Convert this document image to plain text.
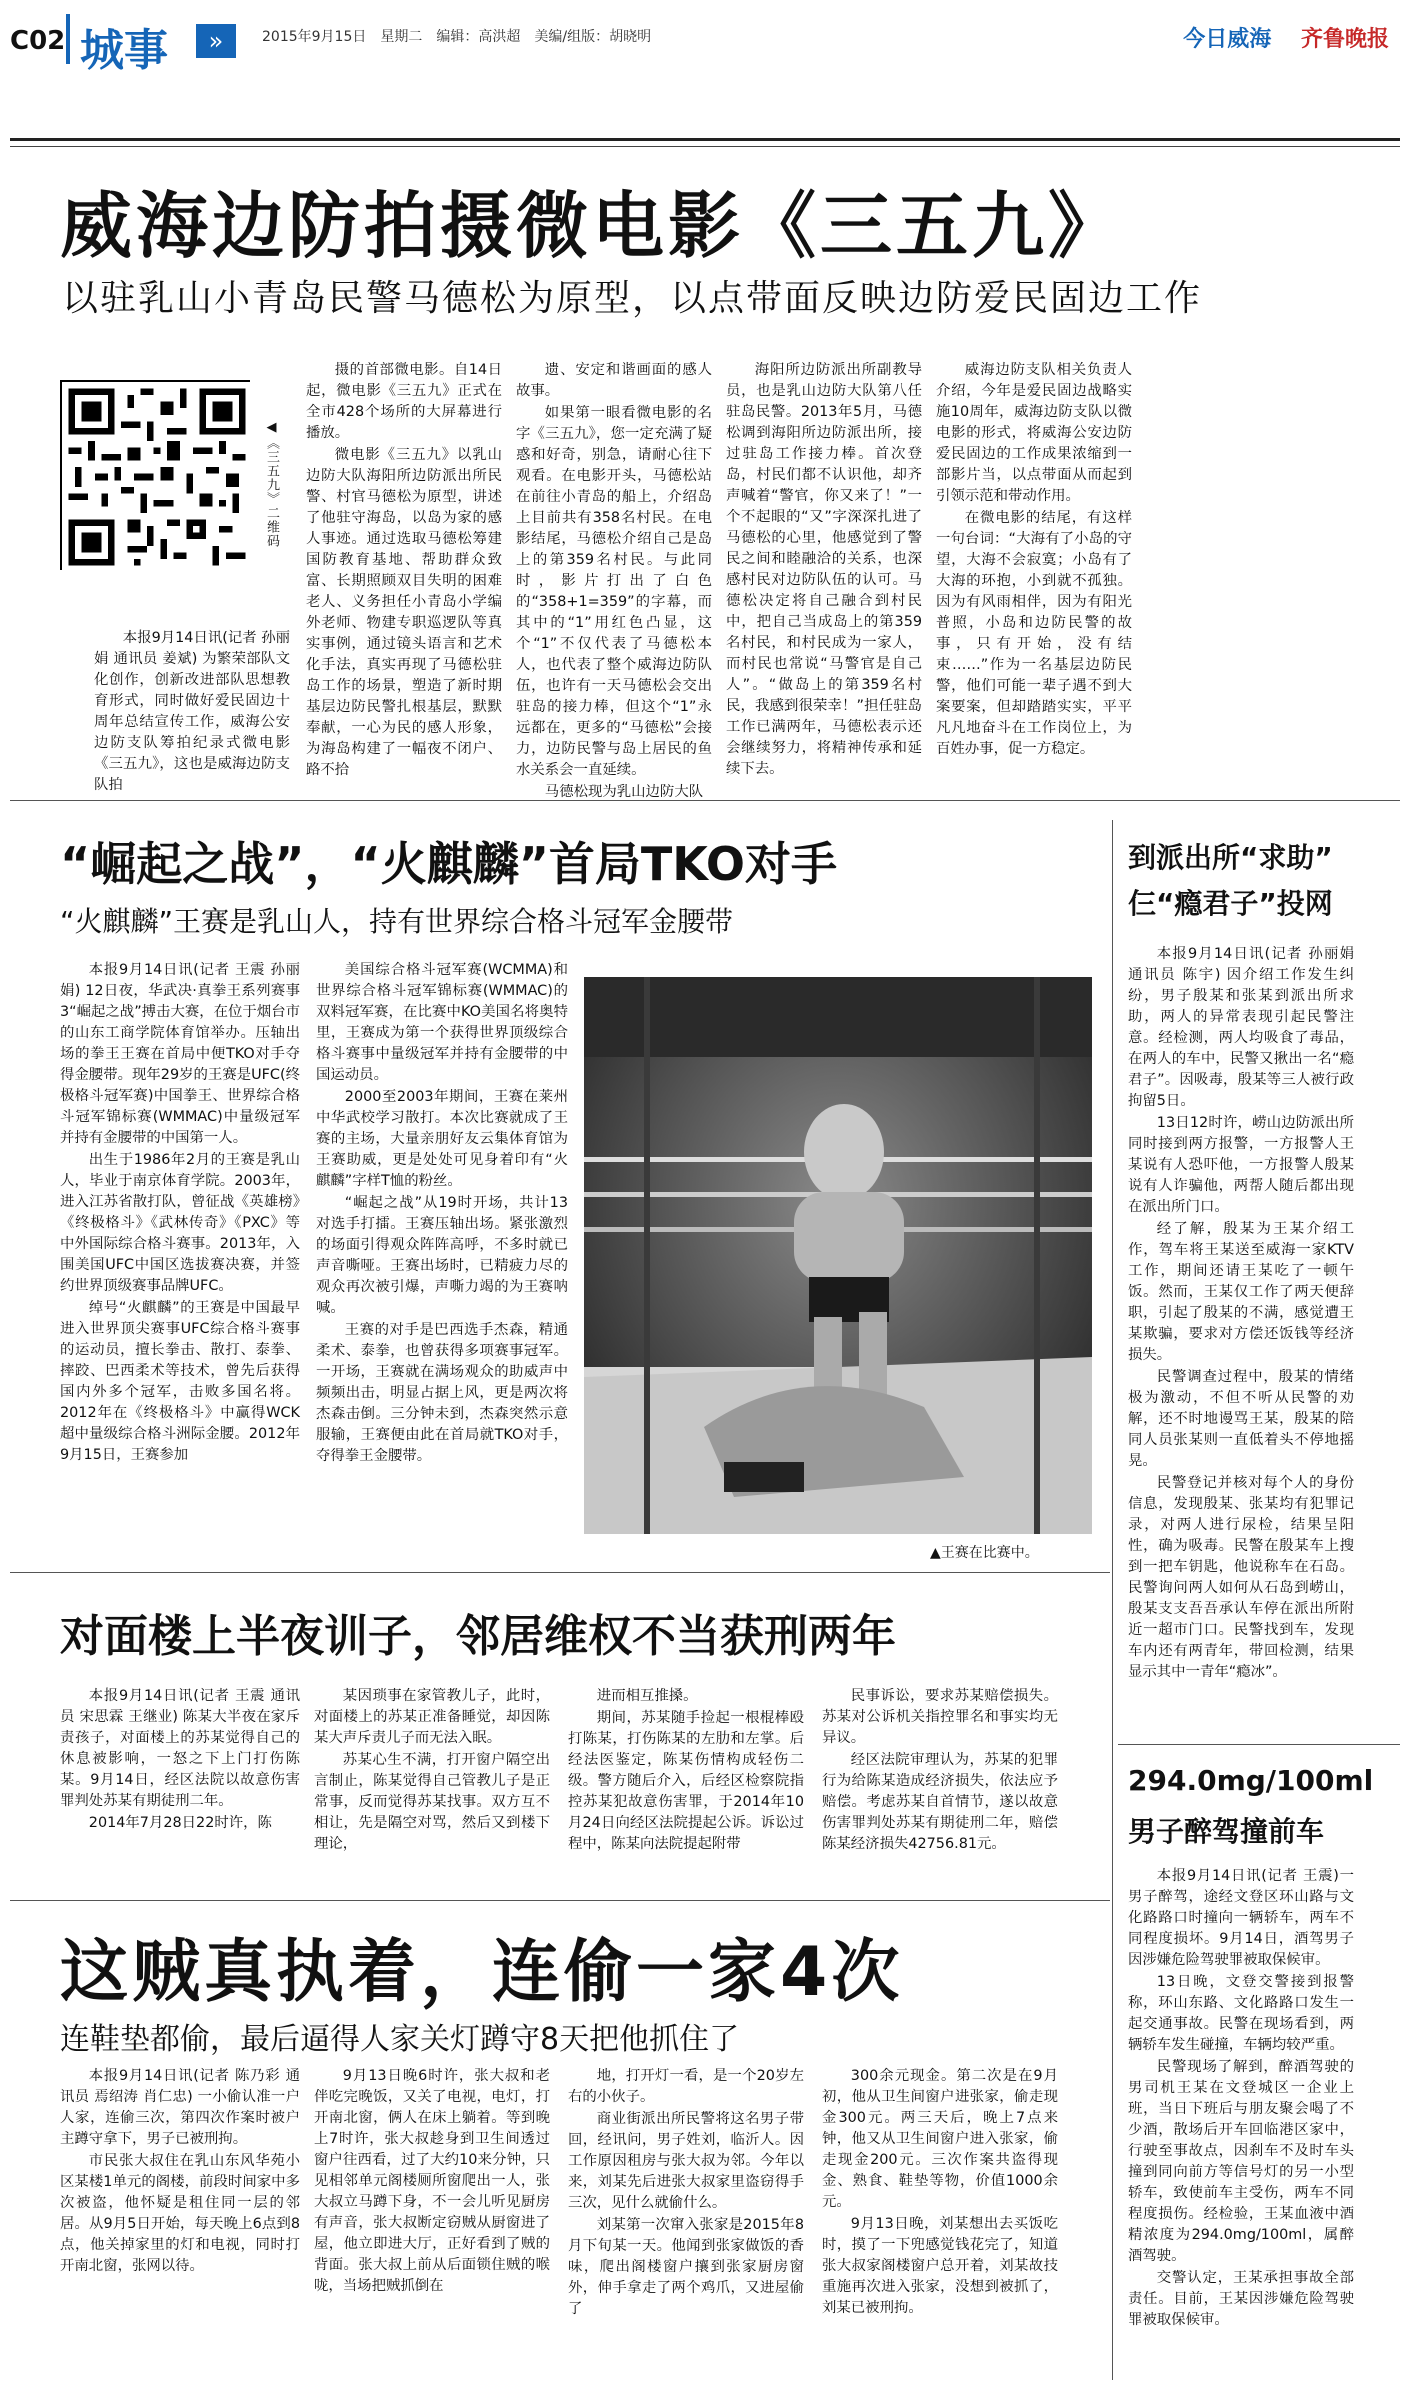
C02 城事	»	2015年9月15日　星期二　编辑：高洪超　美编/组版：胡晓明	今日威海　 齐鲁晚报
威海边防拍摄微电影《三五九》
以驻乳山小青岛民警马德松为原型，以点带面反映边防爱民固边工作
◀《三五九》二维码

本报9月14日讯(记者 孙丽娟 通讯员 姜斌) 为繁荣部队文化创作，创新改进部队思想教育形式，同时做好爱民固边十周年总结宣传工作，威海公安边防支队筹拍纪录式微电影《三五九》，这也是威海边防支队拍

摄的首部微电影。自14日起，微电影《三五九》正式在全市428个场所的大屏幕进行播放。

微电影《三五九》以乳山边防大队海阳所边防派出所民警、村官马德松为原型，讲述了他驻守海岛，以岛为家的感人事迹。通过选取马德松筹建国防教育基地、帮助群众致富、长期照顾双目失明的困难老人、义务担任小青岛小学编外老师、物建专职巡逻队等真实事例，通过镜头语言和艺术化手法，真实再现了马德松驻岛工作的场景，塑造了新时期基层边防民警扎根基层，默默奉献，一心为民的感人形象，为海岛构建了一幅夜不闭户、路不拾

遗、安定和谐画面的感人故事。

如果第一眼看微电影的名字《三五九》，您一定充满了疑惑和好奇，别急，请耐心往下观看。在电影开头，马德松站在前往小青岛的船上，介绍岛上目前共有358名村民。在电影结尾，马德松介绍自己是岛上的第359名村民。与此同时，影片打出了白色的“358+1=359”的字幕，而其中的“1”用红色凸显，这个“1”不仅代表了马德松本人，也代表了整个威海边防队伍，也许有一天马德松会交出驻岛的接力棒，但这个“1”永远都在，更多的“马德松”会接力，边防民警与岛上居民的鱼水关系会一直延续。

马德松现为乳山边防大队

海阳所边防派出所副教导员，也是乳山边防大队第八任驻岛民警。2013年5月，马德松调到海阳所边防派出所，接过驻岛工作接力棒。首次登岛，村民们都不认识他，却齐声喊着“警官，你又来了！”一个不起眼的“又”字深深扎进了马德松的心里，他感觉到了警民之间和睦融洽的关系，也深感村民对边防队伍的认可。马德松决定将自己融合到村民中，把自己当成岛上的第359名村民，和村民成为一家人，而村民也常说“马警官是自己人”。“做岛上的第359名村民，我感到很荣幸！”担任驻岛工作已满两年，马德松表示还会继续努力，将精神传承和延续下去。

威海边防支队相关负责人介绍，今年是爱民固边战略实施10周年，威海边防支队以微电影的形式，将威海公安边防爱民固边的工作成果浓缩到一部影片当，以点带面从而起到引领示范和带动作用。

在微电影的结尾，有这样一句台词：“大海有了小岛的守望，大海不会寂寞；小岛有了大海的环抱，小到就不孤独。因为有风雨相伴，因为有阳光普照，小岛和边防民警的故事，只有开始，没有结束……”作为一名基层边防民警，他们可能一辈子遇不到大案要案，但却踏踏实实，平平凡凡地奋斗在工作岗位上，为百姓办事，促一方稳定。

“崛起之战”，“火麒麟”首局TKO对手
“火麒麟”王赛是乳山人，持有世界综合格斗冠军金腰带

本报9月14日讯(记者 王震 孙丽娟) 12日夜，华武决·真拳王系列赛事3“崛起之战”搏击大赛，在位于烟台市的山东工商学院体育馆举办。压轴出场的拳王王赛在首局中便TKO对手夺得金腰带。现年29岁的王赛是UFC(终极格斗冠军赛)中国拳王、世界综合格斗冠军锦标赛(WMMAC)中量级冠军并持有金腰带的中国第一人。

出生于1986年2月的王赛是乳山人，毕业于南京体育学院。2003年，进入江苏省散打队，曾征战《英雄榜》《终极格斗》《武林传奇》《PXC》等中外国际综合格斗赛事。2013年，入围美国UFC中国区选拔赛决赛，并签约世界顶级赛事品牌UFC。

绰号“火麒麟”的王赛是中国最早进入世界顶尖赛事UFC综合格斗赛事的运动员，擅长拳击、散打、泰拳、摔跤、巴西柔术等技术，曾先后获得国内外多个冠军，击败多国名将。2012年在《终极格斗》中赢得WCK超中量级综合格斗洲际金腰。2012年9月15日，王赛参加

美国综合格斗冠军赛(WCMMA)和世界综合格斗冠军锦标赛(WMMAC)的双料冠军赛，在比赛中KO美国名将奥特里，王赛成为第一个获得世界顶级综合格斗赛事中量级冠军并持有金腰带的中国运动员。

2000至2003年期间，王赛在莱州中华武校学习散打。本次比赛就成了王赛的主场，大量亲朋好友云集体育馆为王赛助威，更是处处可见身着印有“火麒麟”字样T恤的粉丝。

“崛起之战”从19时开场，共计13对选手打擂。王赛压轴出场。紧张激烈的场面引得观众阵阵高呼，不多时就已声音嘶哑。王赛出场时，已精疲力尽的观众再次被引爆，声嘶力竭的为王赛呐喊。

王赛的对手是巴西选手杰森，精通柔术、泰拳，也曾获得多项赛事冠军。一开场，王赛就在满场观众的助威声中频频出击，明显占据上风，更是两次将杰森击倒。三分钟未到，杰森突然示意服输，王赛便由此在首局就TKO对手，夺得拳王金腰带。

▲王赛在比赛中。
对面楼上半夜训子，邻居维权不当获刑两年

本报9月14日讯(记者 王震 通讯员 宋思霖 王继业) 陈某大半夜在家斥责孩子，对面楼上的苏某觉得自己的休息被影响，一怒之下上门打伤陈某。9月14日，经区法院以故意伤害罪判处苏某有期徒刑二年。

2014年7月28日22时许，陈

某因琐事在家管教儿子，此时，对面楼上的苏某正准备睡觉，却因陈某大声斥责儿子而无法入眠。

苏某心生不满，打开窗户隔空出言制止，陈某觉得自己管教儿子是正常事，反而觉得苏某找事。双方互不相让，先是隔空对骂，然后又到楼下理论，

进而相互推搡。

期间，苏某随手捡起一根棍棒殴打陈某，打伤陈某的左肋和左掌。后经法医鉴定，陈某伤情构成轻伤二级。警方随后介入，后经区检察院指控苏某犯故意伤害罪，于2014年10月24日向经区法院提起公诉。诉讼过程中，陈某向法院提起附带

民事诉讼，要求苏某赔偿损失。苏某对公诉机关指控罪名和事实均无异议。

经区法院审理认为，苏某的犯罪行为给陈某造成经济损失，依法应予赔偿。考虑苏某自首情节，遂以故意伤害罪判处苏某有期徒刑二年，赔偿陈某经济损失42756.81元。

这贼真执着，连偷一家4次
连鞋垫都偷，最后逼得人家关灯蹲守8天把他抓住了

本报9月14日讯(记者 陈乃彩 通讯员 焉绍涛 肖仁忠) 一小偷认准一户人家，连偷三次，第四次作案时被户主蹲守拿下，男子已被刑拘。

市民张大叔住在乳山东风华苑小区某楼1单元的阁楼，前段时间家中多次被盗，他怀疑是租住同一层的邻居。从9月5日开始，每天晚上6点到8点，他关掉家里的灯和电视，同时打开南北窗，张网以待。

9月13日晚6时许，张大叔和老伴吃完晚饭，又关了电视，电灯，打开南北窗，俩人在床上躺着。等到晚上7时许，张大叔趁身到卫生间透过窗户往西看，过了大约10来分钟，只见相邻单元阁楼厕所窗爬出一人，张大叔立马蹲下身，不一会儿听见厨房有声音，张大叔断定窃贼从厨窗进了屋，他立即进大厅，正好看到了贼的背面。张大叔上前从后面锁住贼的喉咙，当场把贼抓倒在

地，打开灯一看，是一个20岁左右的小伙子。

商业街派出所民警将这名男子带回，经讯问，男子姓刘，临沂人。因工作原因租房与张大叔为邻。今年以来，刘某先后进张大叔家里盗窃得手三次，见什么就偷什么。

刘某第一次窜入张家是2015年8月下旬某一天。他闻到张家做饭的香味，爬出阁楼窗户攘到张家厨房窗外，伸手拿走了两个鸡爪，又进屋偷了

300余元现金。第二次是在9月初，他从卫生间窗户进张家，偷走现金300元。两三天后，晚上7点来钟，他又从卫生间窗户进入张家，偷走现金200元。三次作案共盗得现金、熟食、鞋垫等物，价值1000余元。

9月13日晚，刘某想出去买饭吃时，摸了一下兜感觉钱花完了，知道张大叔家阁楼窗户总开着，刘某故技重施再次进入张家，没想到被抓了，刘某已被刑拘。

到派出所“求助”
仨“瘾君子”投网

本报9月14日讯(记者 孙丽娟 通讯员 陈宇) 因介绍工作发生纠纷，男子殷某和张某到派出所求助，两人的异常表现引起民警注意。经检测，两人均吸食了毒品，在两人的车中，民警又揪出一名“瘾君子”。因吸毒，殷某等三人被行政拘留5日。

13日12时许，崂山边防派出所同时接到两方报警，一方报警人王某说有人恐吓他，一方报警人殷某说有人诈骗他，两帮人随后都出现在派出所门口。

经了解，殷某为王某介绍工作，驾车将王某送至威海一家KTV工作，期间还请王某吃了一顿午饭。然而，王某仅工作了两天便辞职，引起了殷某的不满，感觉遭王某欺骗，要求对方偿还饭钱等经济损失。

民警调查过程中，殷某的情绪极为激动，不但不听从民警的劝解，还不时地谩骂王某，殷某的陪同人员张某则一直低着头不停地摇晃。

民警登记并核对每个人的身份信息，发现殷某、张某均有犯罪记录，对两人进行尿检，结果呈阳性，确为吸毒。民警在殷某车上搜到一把车钥匙，他说称车在石岛。民警询问两人如何从石岛到崂山，殷某支支吾吾承认车停在派出所附近一超市门口。民警找到车，发现车内还有两青年，带回检测，结果显示其中一青年“瘾冰”。

294.0mg/100ml
男子醉驾撞前车

本报9月14日讯(记者 王震)一男子醉驾，途经文登区环山路与文化路路口时撞向一辆轿车，两车不同程度损坏。9月14日，酒驾男子因涉嫌危险驾驶罪被取保候审。

13日晚，文登交警接到报警称，环山东路、文化路路口发生一起交通事故。民警在现场看到，两辆轿车发生碰撞，车辆均较严重。

民警现场了解到，醉酒驾驶的男司机王某在文登城区一企业上班，当日下班后与朋友聚会喝了不少酒，散场后开车回临港区家中，行驶至事故点，因刹车不及时车头撞到同向前方等信号灯的另一小型轿车，致使前车主受伤，两车不同程度损伤。经检验，王某血液中酒精浓度为294.0mg/100ml，属醉酒驾驶。

交警认定，王某承担事故全部责任。目前，王某因涉嫌危险驾驶罪被取保候审。
